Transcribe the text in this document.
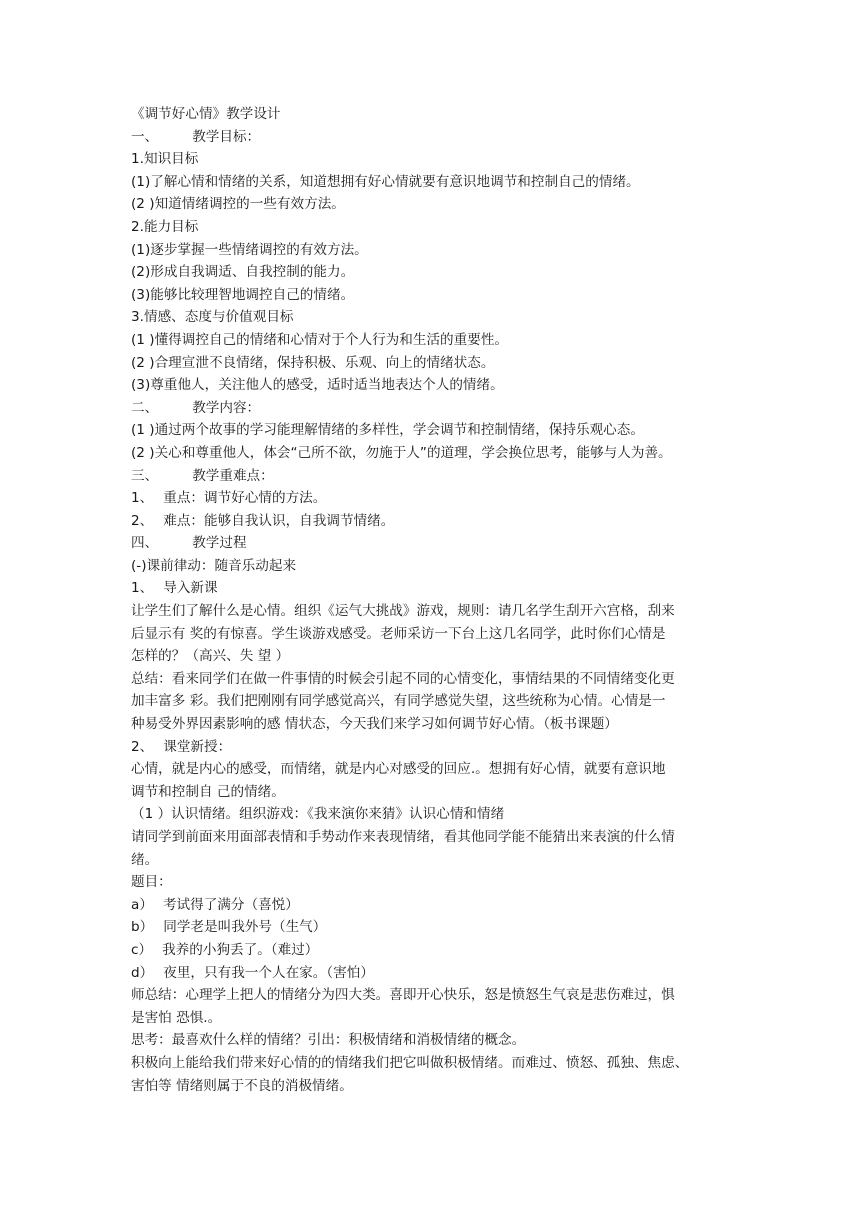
《调节好心情》教学设计
一、	教学目标：
1.知识目标
(1)了解心情和情绪的关系，知道想拥有好心情就要有意识地调节和控制自己的情绪。
(2 )知道情绪调控的一些有效方法。
2.能力目标
(1)逐步掌握一些情绪调控的有效方法。
(2)形成自我调适、自我控制的能力。
(3)能够比较理智地调控自己的情绪。
3.情感、态度与价值观目标
(1 )懂得调控自己的情绪和心情对于个人行为和生活的重要性。
(2 )合理宣泄不良情绪，保持积极、乐观、向上的情绪状态。
(3)尊重他人，关注他人的感受，适时适当地表达个人的情绪。
二、	教学内容：
(1 )通过两个故事的学习能理解情绪的多样性，学会调节和控制情绪，保持乐观心态。
(2 )关心和尊重他人，体会“己所不欲，勿施于人”的道理，学会换位思考，能够与人为善。
三、	教学重难点：
1、 重点：调节好心情的方法。
2、 难点：能够自我认识，自我调节情绪。
四、	教学过程
(-)课前律动：随音乐动起来
1、 导入新课
让学生们了解什么是心情。组织《运气大挑战》游戏，规则：请几名学生刮开六宫格，刮来
后显示有 奖的有惊喜。学生谈游戏感受。老师采访一下台上这几名同学，此时你们心情是
怎样的？（高兴、失 望 ）
总结：看来同学们在做一件事情的时候会引起不同的心情变化，事情结果的不同情绪变化更
加丰富多 彩。我们把刚刚有同学感觉高兴，有同学感觉失望，这些统称为心情。心情是一
种易受外界因素影响的感 情状态，今天我们来学习如何调节好心情。（板书课题）
2、 课堂新授：
心情，就是内心的感受，而情绪，就是内心对感受的回应.。想拥有好心情，就要有意识地
调节和控制自 己的情绪。
（1 ）认识情绪。组织游戏：《我来演你来猜》认识心情和情绪
请同学到前面来用面部表情和手势动作来表现情绪，看其他同学能不能猜出来表演的什么情
绪。
题目：
a） 考试得了满分（喜悦）
b） 同学老是叫我外号（生气）
c） 我养的小狗丢了。（难过）
d） 夜里，只有我一个人在家。（害怕）
师总结：心理学上把人的情绪分为四大类。喜即开心快乐，怒是愤怒生气哀是悲伤难过，惧
是害怕 恐惧.。
思考：最喜欢什么样的情绪？引出：积极情绪和消极情绪的概念。
积极向上能给我们带来好心情的的情绪我们把它叫做积极情绪。而难过、愤怒、孤独、焦虑、
害怕等 情绪则属于不良的消极情绪。
